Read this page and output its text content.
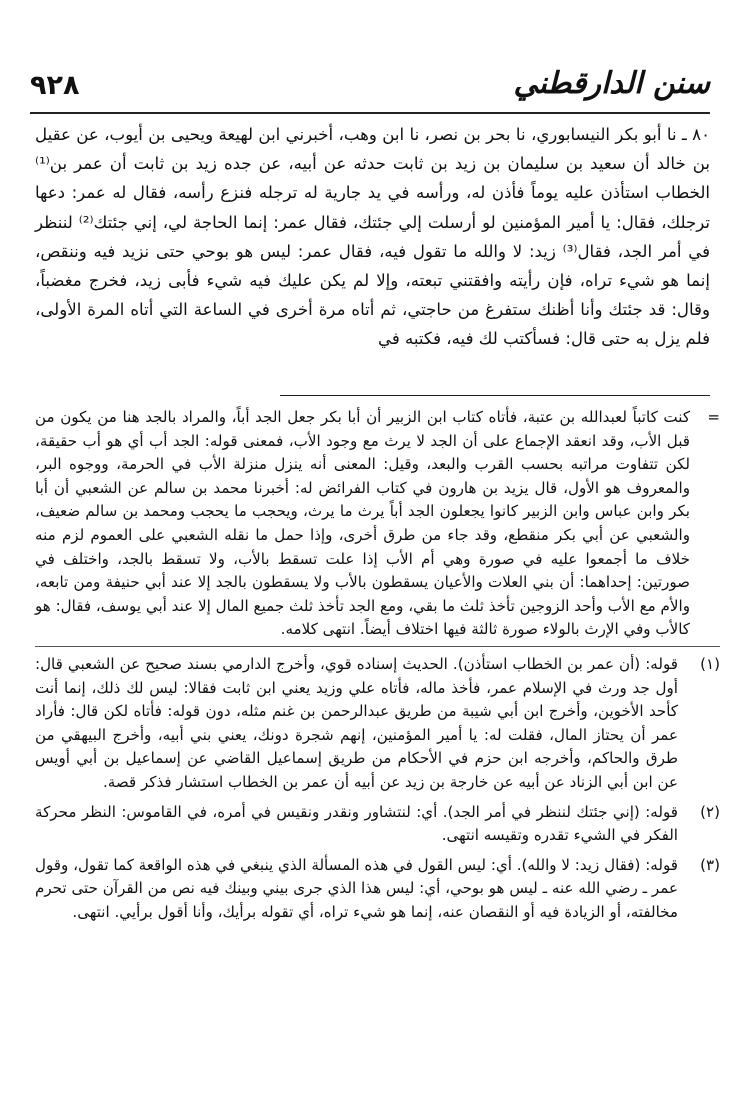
٩٢٨	سنن الدارقطني

٨٠ ـ نا أبو بكر النيسابوري، نا بحر بن نصر، نا ابن وهب، أخبرني ابن لهيعة ويحيى بن أيوب، عن عقيل بن خالد أن سعيد بن سليمان بن زيد بن ثابت حدثه عن أبيه، عن جده زيد بن ثابت أن عمر بن⁽¹⁾ الخطاب استأذن عليه يوماً فأذن له، ورأسه في يد جارية له ترجله فنزع رأسه، فقال له عمر: دعها ترجلك، فقال: يا أمير المؤمنين لو أرسلت إلي جئتك، فقال عمر: إنما الحاجة لي، إني جئتك⁽²⁾ لننظر في أمر الجد، فقال⁽³⁾ زيد: لا والله ما تقول فيه، فقال عمر: ليس هو بوحي حتى نزيد فيه وننقص، إنما هو شيء تراه، فإن رأيته وافقتني تبعته، وإلا لم يكن عليك فيه شيء فأبى زيد، فخرج مغضباً، وقال: قد جئتك وأنا أظنك ستفرغ من حاجتي، ثم أتاه مرة أخرى في الساعة التي أتاه المرة الأولى، فلم يزل به حتى قال: فسأكتب لك فيه، فكتبه في

=
كنت كاتباً لعبدالله بن عتبة، فأتاه كتاب ابن الزبير أن أبا بكر جعل الجد أباً، والمراد بالجد هنا من يكون من قبل الأب، وقد انعقد الإجماع على أن الجد لا يرث مع وجود الأب، فمعنى قوله: الجد أب أي هو أب حقيقة، لكن تتفاوت مراتبه بحسب القرب والبعد، وقيل: المعنى أنه ينزل منزلة الأب في الحرمة، ووجوه البر، والمعروف هو الأول، قال يزيد بن هارون في كتاب الفرائض له: أخبرنا محمد بن سالم عن الشعبي أن أبا بكر وابن عباس وابن الزبير كانوا يجعلون الجد أباً يرث ما يرث، ويحجب ما يحجب ومحمد بن سالم ضعيف، والشعبي عن أبي بكر منقطع، وقد جاء من طرق أخرى، وإذا حمل ما نقله الشعبي على العموم لزم منه خلاف ما أجمعوا عليه في صورة وهي أم الأب إذا علت تسقط بالأب، ولا تسقط بالجد، واختلف في صورتين: إحداهما: أن بني العلات والأعيان يسقطون بالأب ولا يسقطون بالجد إلا عند أبي حنيفة ومن تابعه، والأم مع الأب وأحد الزوجين تأخذ ثلث ما بقي، ومع الجد تأخذ ثلث جميع المال إلا عند أبي يوسف، فقال: هو كالأب وفي الإرث بالولاء صورة ثالثة فيها اختلاف أيضاً. انتهى كلامه.

(١)
قوله: (أن عمر بن الخطاب استأذن). الحديث إسناده قوي، وأخرج الدارمي بسند صحيح عن الشعبي قال: أول جد ورث في الإسلام عمر، فأخذ ماله، فأتاه علي وزيد يعني ابن ثابت فقالا: ليس لك ذلك، إنما أنت كأحد الأخوين، وأخرج ابن أبي شيبة من طريق عبدالرحمن بن غنم مثله، دون قوله: فأتاه لكن قال: فأراد عمر أن يحتاز المال، فقلت له: يا أمير المؤمنين، إنهم شجرة دونك، يعني بني أبيه، وأخرج البيهقي من طرق والحاكم، وأخرجه ابن حزم في الأحكام من طريق إسماعيل القاضي عن إسماعيل بن أبي أويس عن ابن أبي الزناد عن أبيه عن خارجة بن زيد عن أبيه أن عمر بن الخطاب استشار فذكر قصة.

(٢)
قوله: (إني جئتك لننظر في أمر الجد). أي: لنتشاور ونقدر ونقيس في أمره، في القاموس: النظر محركة الفكر في الشيء تقدره وتقيسه انتهى.

(٣)
قوله: (فقال زيد: لا والله). أي: ليس القول في هذه المسألة الذي ينبغي في هذه الواقعة كما تقول، وقول عمر ـ رضي الله عنه ـ ليس هو بوحي، أي: ليس هذا الذي جرى بيني وبينك فيه نص من القرآن حتى تحرم مخالفته، أو الزيادة فيه أو النقصان عنه، إنما هو شيء تراه، أي تقوله برأيك، وأنا أقول برأيي. انتهى.
